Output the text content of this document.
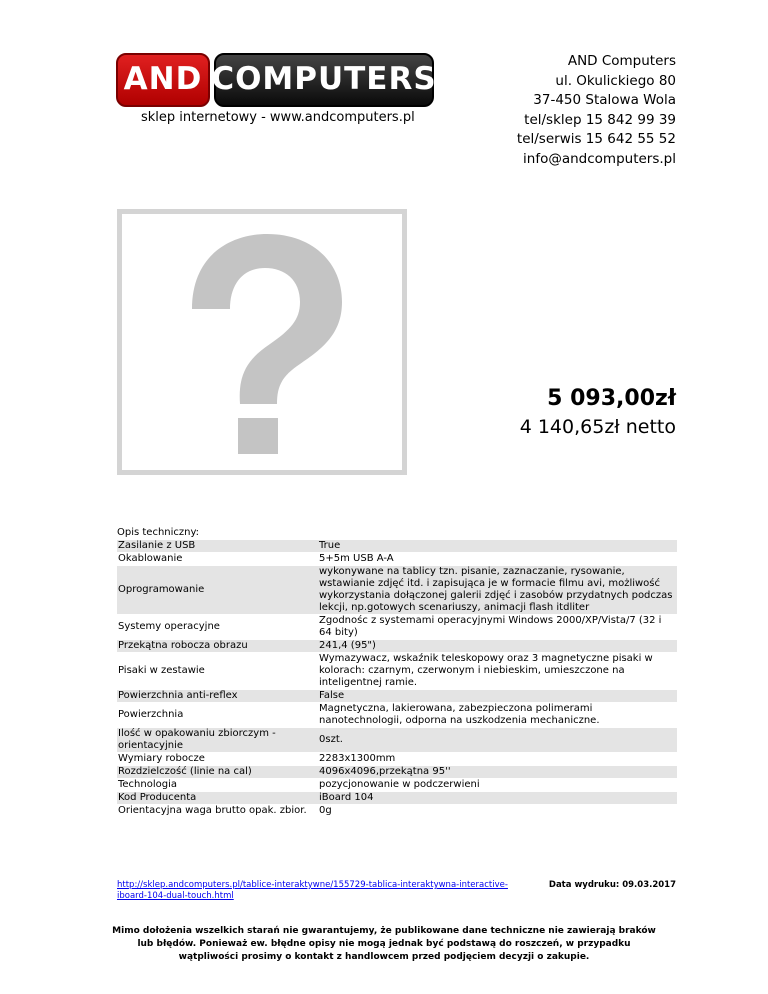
AND COMPUTERS
sklep internetowy - www.andcomputers.pl
AND Computers
ul. Okulickiego 80
37-450 Stalowa Wola
tel/sklep 15 842 99 39
tel/serwis 15 642 55 52
info@andcomputers.pl
5 093,00zł
4 140,65zł netto
Opis techniczny:
Zasilanie z USB	True
Okablowanie	5+5m USB A-A
Oprogramowanie	wykonywane na tablicy tzn. pisanie, zaznaczanie, rysowanie, wstawianie zdjęć itd. i zapisująca je w formacie filmu avi, możliwość wykorzystania dołączonej galerii zdjęć i zasobów przydatnych podczas lekcji, np.gotowych scenariuszy, animacji flash itdliter
Systemy operacyjne	Zgodnośc z systemami operacyjnymi Windows 2000/XP/Vista/7 (32 i 64 bity)
Przekątna robocza obrazu	241,4 (95")
Pisaki w zestawie	Wymazywacz, wskaźnik teleskopowy oraz 3 magnetyczne pisaki w kolorach: czarnym, czerwonym i niebieskim, umieszczone na inteligentnej ramie.
Powierzchnia anti-reflex	False
Powierzchnia	Magnetyczna, lakierowana, zabezpieczona polimerami nanotechnologii, odporna na uszkodzenia mechaniczne.
Ilość w opakowaniu zbiorczym - orientacyjnie	0szt.
Wymiary robocze	2283x1300mm
Rozdzielczość (linie na cal)	4096x4096,przekątna 95''
Technologia	pozycjonowanie w podczerwieni
Kod Producenta	iBoard 104
Orientacyjna waga brutto opak. zbior.	0g
http://sklep.andcomputers.pl/tablice-interaktywne/155729-tablica-interaktywna-interactive-iboard-104-dual-touch.html
Data wydruku: 09.03.2017
Mimo dołożenia wszelkich starań nie gwarantujemy, że publikowane dane techniczne nie zawierają braków lub błędów. Ponieważ ew. błędne opisy nie mogą jednak być podstawą do roszczeń, w przypadku wątpliwości prosimy o kontakt z handlowcem przed podjęciem decyzji o zakupie.
